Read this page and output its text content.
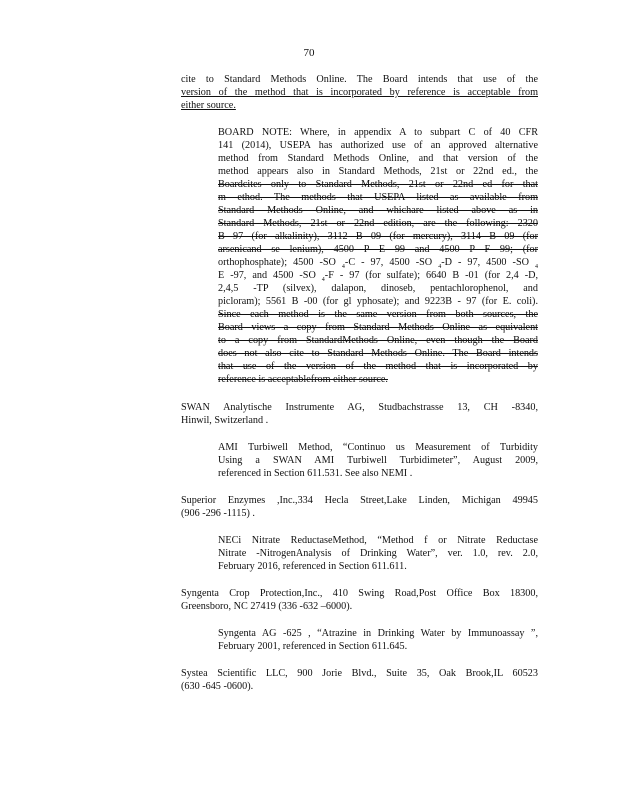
70
cite to Standard Methods Online. The Board intends that use of the
version of the method that is incorporated by reference is acceptable from
either source.
BOARD NOTE: Where, in appendix A to subpart C of 40 CFR
141 (2014), USEPA has authorized use of an approved alternative
method from Standard Methods Online, and that version of the
method appears also in Standard Methods, 21st or 22nd ed., the
Boardcites only to Standard Methods, 21st or 22nd ed for that
m ethod. The methods that USEPA listed as available from
Standard Methods Online, and whichare listed above as in
Standard Methods, 21st or 22nd edition, are the following: 2320
B 97 (for alkalinity), 3112 B 09 (for mercury), 3114 B 09 (for
arsenicand se lenium), 4500 P E 99 and 4500 P F 99; (for
orthophosphate); 4500 -SO $_4$-C - 97, 4500 -SO $_4$-D - 97, 4500 -SO $_4$
E -97, and 4500 -SO $_4$-F - 97 (for sulfate); 6640 B -01 (for 2,4 -D,
2,4,5 -TP (silvex), dalapon, dinoseb, pentachlorophenol, and
picloram); 5561 B -00 (for gl yphosate); and 9223B - 97 (for E. coli).
Since each method is the same version from both sources, the
Board views a copy from Standard Methods Online as equivalent
to a copy from StandardMethods Online, even though the Board
does not also cite to Standard Methods Online. The Board intends
that use of the version of the method that is incorporated by
reference is acceptablefrom either source.
SWAN Analytische Instrumente AG, Studbachstrasse 13, CH -8340,
Hinwil, Switzerland .
AMI Turbiwell Method, “Continuo us Measurement of Turbidity
Using a SWAN AMI Turbiwell Turbidimeter”, August 2009,
referenced in Section 611.531. See also NEMI .
Superior Enzymes ,Inc.,334 Hecla Street,Lake Linden, Michigan 49945
(906 -296 -1115) .
NECi Nitrate ReductaseMethod, “Method f or Nitrate Reductase
Nitrate -NitrogenAnalysis of Drinking Water”, ver. 1.0, rev. 2.0,
February 2016, referenced in Section 611.611.
Syngenta Crop Protection,Inc., 410 Swing Road,Post Office Box 18300,
Greensboro, NC 27419 (336 -632 –6000).
Syngenta AG -625 , “Atrazine in Drinking Water by Immunoassay ”,
February 2001, referenced in Section 611.645.
Systea Scientific LLC, 900 Jorie Blvd., Suite 35, Oak Brook,IL 60523
(630 -645 -0600).
